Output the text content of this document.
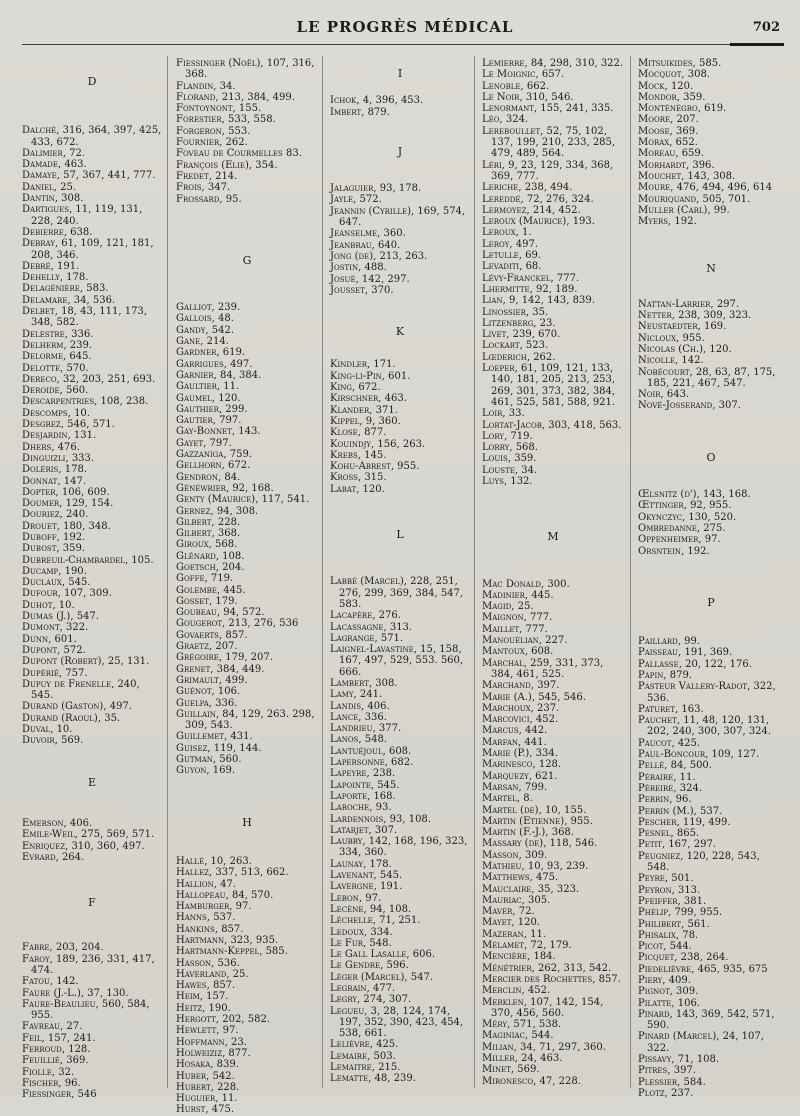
LE PROGRÈS MÉDICAL	702
D

Dalché, 316, 364, 397, 425, 433, 672.

Dalimier, 72.

Damade, 463.

Damaye, 57, 367, 441, 777.

Daniel, 25.

Dantin, 308.

Dartigues, 11, 119, 131, 228, 240.

Debierre, 638.

Debray, 61, 109, 121, 181, 208, 346.

Debré, 191.

Dehelly, 178.

Delagénière, 583.

Delamare, 34, 536.

Delbet, 18, 43, 111, 173, 348, 582.

Delestre, 336.

Delherm, 239.

Delorme, 645.

Delotte, 570.

Dereco, 32, 203, 251, 693.

Deroide, 560.

Descarpentries, 108, 238.

Descomps, 10.

Desgrez, 546, 571.

Desjardin, 131.

Dhers, 476.

Dinguizli, 333.

Doléris, 178.

Donnat, 147.

Dopter, 106, 609.

Doumer, 129, 154.

Douriez, 240.

Drouet, 180, 348.

Duboff, 192.

Dubost, 359.

Dubreuil-Chambardel, 105.

Ducamp, 190.

Duclaux, 545.

Dufour, 107, 309.

Duhot, 10.

Dumas (J.), 547.

Dumont, 322.

Dunn, 601.

Dupont, 572.

Dupont (Robert), 25, 131.

Dupérié, 757.

Dupuy de Frenelle, 240, 545.

Durand (Gaston), 497.

Durand (Raoul), 35.

Duval, 10.

Duvoir, 569.

E

Emerson, 406.

Emile-Weil, 275, 569, 571.

Enriquez, 310, 360, 497.

Evrard, 264.

F

Fabre, 203, 204.

Faroy, 189, 236, 331, 417, 474.

Fatou, 142.

Faure (J.-L.), 37, 130.

Faure-Beaulieu, 560, 584, 955.

Favreau, 27.

Feil, 157, 241.

Ferroud, 128.

Feuillié, 369.

Fiolle, 32.

Fischer, 96.

Fiessinger, 546

Fiessinger (Noël), 107, 316, 368.

Flandin, 34.

Florand, 213, 384, 499.

Fontoynont, 155.

Forestier, 533, 558.

Forgeron, 553.

Fournier, 262.

Foveau de Courmelles 83.

François (Elie), 354.

Fredet, 214.

Frois, 347.

Frossard, 95.

G

Galliot, 239.

Gallois, 48.

Gandy, 542.

Gane, 214.

Gardner, 619.

Garrigues, 497.

Garnier, 84, 384.

Gaultier, 11.

Gaumel, 120.

Gauthier, 299.

Gautier, 797.

Gay-Bonnet, 143.

Gayet, 797.

Gazzaniga, 759.

Gellhorn, 672.

Gendron, 84.

Généwrier, 92, 168.

Genty (Maurice), 117, 541.

Gernez, 94, 308.

Gilbert, 228.

Gilbert, 368.

Giroux, 568.

Glénard, 108.

Goetsch, 204.

Goffe, 719.

Golembe, 445.

Gosset, 179.

Goubeau, 94, 572.

Gougerot, 213, 276, 536

Govaerts, 857.

Graetz, 207.

Grégoire, 179, 207.

Grenet, 384, 449.

Grimault, 499.

Guénot, 106.

Guelpa, 336.

Guillain, 84, 129, 263. 298, 309, 543.

Guillemet, 431.

Guisez, 119, 144.

Gutman, 560.

Guyon, 169.

H

Hallé, 10, 263.

Hallez, 337, 513, 662.

Hallion, 47.

Hallopeau, 84, 570.

Hamburger, 97.

Hanns, 537.

Hankins, 857.

Hartmann, 323, 935.

Hartmann-Keppel, 585.

Hasson, 536.

Haverland, 25.

Hawes, 857.

Heim, 157.

Heitz, 190.

Hergott, 202, 582.

Hewlett, 97.

Hoffmann, 23.

Holweiziz, 877.

Hosaka, 839.

Huber, 542.

Hubert, 228.

Huguier, 11.

Hurst, 475.

I

Ichok, 4, 396, 453.

Imbert, 879.

J

Jalaguier, 93, 178.

Jayle, 572.

Jeannin (Cyrille), 169, 574, 647.

Jeanselme, 360.

Jeanbrau, 640.

Jong (de), 213, 263.

Jostin, 488.

Josué, 142, 297.

Jousset, 370.

K

Kindler, 171.

King-li-Pin, 601.

King, 672.

Kirschner, 463.

Klander, 371.

Kippel, 9, 360.

Klose, 877.

Kouindjy, 156, 263.

Krebs, 145.

Kohu-Abrest, 955.

Kross, 315.

Labat, 120.

L

Labbé (Marcel), 228, 251, 276, 299, 369, 384, 547, 583.

Lacapère, 276.

Lacassagne, 313.

Lagrange, 571.

Laignel-Lavastine, 15, 158, 167, 497, 529, 553. 560, 666.

Lambert, 308.

Lamy, 241.

Landis, 406.

Lance, 336.

Landrieu, 377.

Lanos, 548.

Lantuéjoul, 608.

Lapersonne, 682.

Lapeyre, 238.

Lapointe, 545.

Laporte, 168.

Laroche, 93.

Lardennois, 93, 108.

Latarjet, 307.

Laubry, 142, 168, 196, 323, 334, 360.

Launay, 178.

Lavenant, 545.

Lavergne, 191.

Lebon, 97.

Lecène, 94, 108.

Léchelle, 71, 251.

Ledoux, 334.

Le Fur, 548.

Le Gall Lasalle, 606.

Le Gendre, 596.

Léger (Marcel), 547.

Legrain, 477.

Legry, 274, 307.

Legueu, 3, 28, 124, 174, 197, 352, 390, 423, 454, 538, 661.

Lelièvre, 425.

Lemaire, 503.

Lemaitre, 215.

Lematte, 48, 239.

Lemierre, 84, 298, 310, 322.

Le Moignic, 657.

Lenoble, 662.

Le Noir, 310, 546.

Lenormant, 155, 241, 335.

Léo, 324.

Lereboullet, 52, 75, 102, 137, 199, 210, 233, 285, 479, 489, 564.

Léri, 9, 23, 129, 334, 368, 369, 777.

Leriche, 238, 494.

Lereddé, 72, 276, 324.

Lermoyez, 214, 452.

Leroux (Maurice), 193.

Leroux, 1.

Leroy, 497.

Letulle, 69.

Levaditi, 68.

Lévy-Franckel, 777.

Lhermitte, 92, 189.

Lian, 9, 142, 143, 839.

Linossier, 35.

Litzenberg, 23.

Livet, 239, 670.

Lockart, 523.

Lœderich, 262.

Loeper, 61, 109, 121, 133, 140, 181, 205, 213, 253, 269, 301, 373, 382, 384, 461, 525, 581, 588, 921.

Loir, 33.

Lortat-Jacob, 303, 418, 563.

Lory, 719.

Lorry, 568.

Louis, 359.

Louste, 34.

Luys, 132.

M

Mac Donald, 300.

Madinier, 445.

Magid, 25.

Maignon, 777.

Maillet, 777.

Manouélian, 227.

Mantoux, 608.

Marchal, 259, 331, 373, 384, 461, 525.

Marchand, 397.

Marie (A.), 545, 546.

Marchoux, 237.

Marcovici, 452.

Marcus, 442.

Marfan, 441.

Marie (P.), 334.

Marinesco, 128.

Marquezy, 621.

Marsan, 799.

Martel, 8.

Martel (de), 10, 155.

Martin (Etienne), 955.

Martin (F.-J.), 368.

Massary (de), 118, 546.

Masson, 309.

Mathieu, 10, 93, 239.

Matthews, 475.

Mauclaire, 35, 323.

Mauriac, 305.

Maver, 72.

Mayet, 120.

Mazeran, 11.

Mélamet, 72, 179.

Mencière, 184.

Ménétrier, 262, 313, 542.

Mercier des Rochettes, 857.

Merclin, 452.

Merklen, 107, 142, 154, 370, 456, 560.

Méry, 571, 538.

Maginiac, 544.

Milian, 34, 71, 297, 360.

Miller, 24, 463.

Minet, 569.

Mironesco, 47, 228.

Mitsuikides, 585.

Mocquot, 308.

Mock, 120.

Mondor, 359.

Monténégro, 619.

Moore, 207.

Moose, 369.

Morax, 652.

Moreau, 659.

Morhardt, 396.

Mouchet, 143, 308.

Moure, 476, 494, 496, 614

Mouriquand, 505, 701.

Muller (Carl), 99.

Myers, 192.

N

Nattan-Larrier, 297.

Netter, 238, 309, 323.

Neustaedter, 169.

Nicloux, 955.

Nicolas (Ch.), 120.

Nicolle, 142.

Nobécourt, 28, 63, 87, 175, 185, 221, 467, 547.

Noir, 643.

Nové-Josserand, 307.

O

Œlsnitz (d'), 143, 168.

Œttinger, 92, 955.

Okynczyc, 130, 520.

Ombredanne, 275.

Oppenheimer, 97.

Orsntein, 192.

P

Paillard, 99.

Paisseau, 191, 369.

Pallasse, 20, 122, 176.

Papin, 879.

Pasteur Vallery-Radot, 322, 536.

Paturet, 163.

Pauchet, 11, 48, 120, 131, 202, 240, 300, 307, 324.

Paucot, 425.

Paul-Boncour, 109, 127.

Pellé, 84, 500.

Péraire, 11.

Péreire, 324.

Perrin, 96.

Perrin (M.), 537.

Pescher, 119, 499.

Pesnel, 865.

Petit, 167, 297.

Peugniez, 120, 228, 543, 548.

Peyre, 501.

Peyron, 313.

Pfeiffer, 381.

Phélip, 799, 955.

Philibert, 561.

Phisalix, 78.

Picot, 544.

Picquet, 238, 264.

Piedelièvre, 465, 935, 675

Piery, 409.

Pignot, 309.

Pilatte, 106.

Pinard, 143, 369, 542, 571, 590.

Pinard (Marcel), 24, 107, 322.

Pissavy, 71, 108.

Pitres, 397.

Plessier, 584.

Plotz, 237.
